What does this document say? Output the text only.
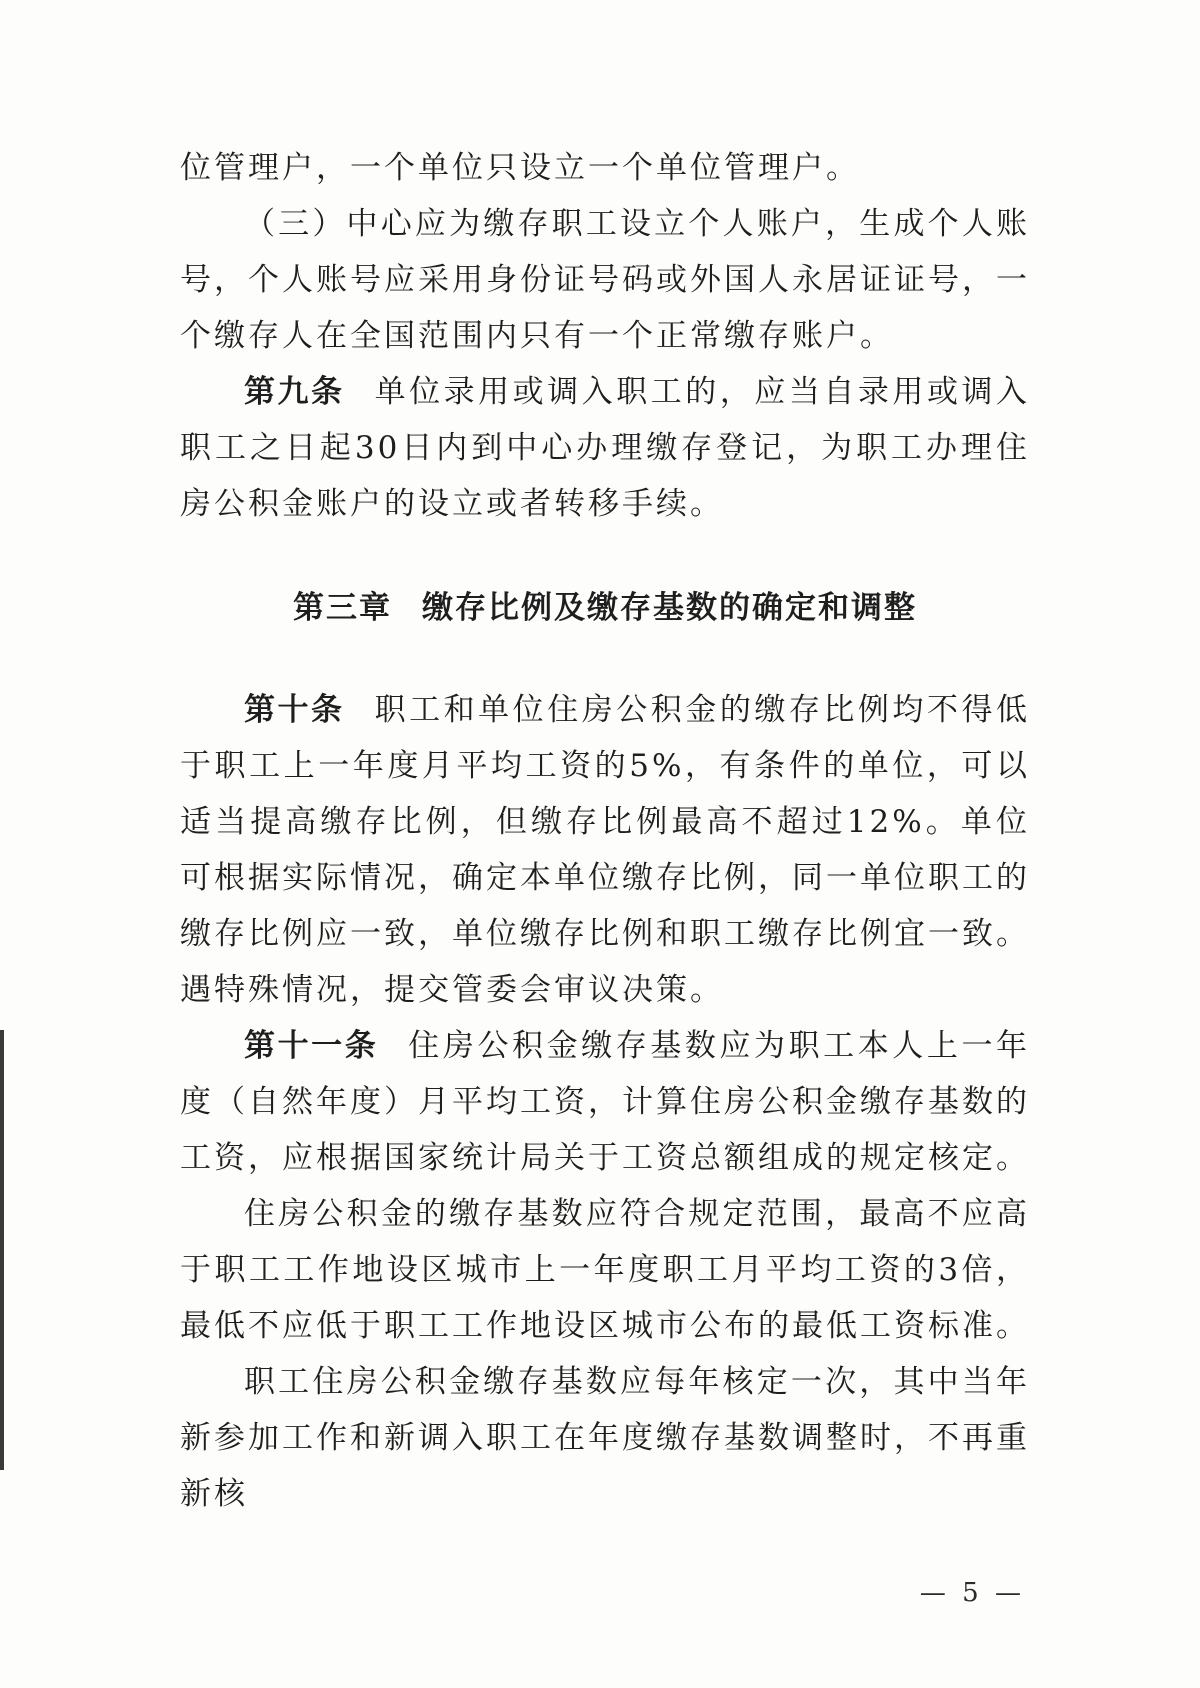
位管理户，一个单位只设立一个单位管理户。

（三）中心应为缴存职工设立个人账户，生成个人账号，个人账号应采用身份证号码或外国人永居证证号，一个缴存人在全国范围内只有一个正常缴存账户。

第九条 单位录用或调入职工的，应当自录用或调入职工之日起30日内到中心办理缴存登记，为职工办理住房公积金账户的设立或者转移手续。

第三章 缴存比例及缴存基数的确定和调整

第十条 职工和单位住房公积金的缴存比例均不得低于职工上一年度月平均工资的5%，有条件的单位，可以适当提高缴存比例，但缴存比例最高不超过12%。单位可根据实际情况，确定本单位缴存比例，同一单位职工的缴存比例应一致，单位缴存比例和职工缴存比例宜一致。遇特殊情况，提交管委会审议决策。

第十一条 住房公积金缴存基数应为职工本人上一年度（自然年度）月平均工资，计算住房公积金缴存基数的工资，应根据国家统计局关于工资总额组成的规定核定。

住房公积金的缴存基数应符合规定范围，最高不应高于职工工作地设区城市上一年度职工月平均工资的3倍，最低不应低于职工工作地设区城市公布的最低工资标准。

职工住房公积金缴存基数应每年核定一次，其中当年新参加工作和新调入职工在年度缴存基数调整时，不再重新核

— 5 —
